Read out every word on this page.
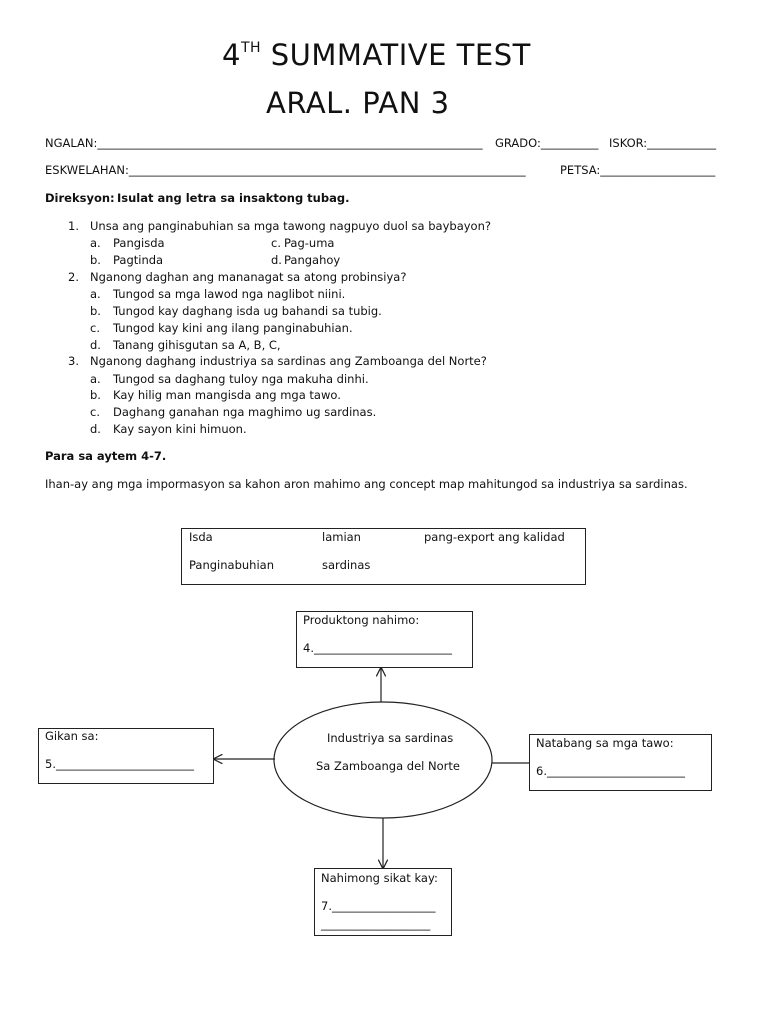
4TH SUMMATIVE TEST
ARAL. PAN 3
NGALAN:___________________________________________________________________ GRADO:__________ ISKOR:____________
ESKWELAHAN:_____________________________________________________________________	PETSA:____________________
Direksyon: Isulat ang letra sa insaktong tubag.
1. Unsa ang panginabuhian sa mga tawong nagpuyo duol sa baybayon?
a. Pangisda	c. Pag-uma
b. Pagtinda	d. Pangahoy
2. Nganong daghan ang mananagat sa atong probinsiya?
a. Tungod sa mga lawod nga naglibot niini.
b. Tungod kay daghang isda ug bahandi sa tubig.
c. Tungod kay kini ang ilang panginabuhian.
d. Tanang gihisgutan sa A, B, C,
3. Nganong daghang industriya sa sardinas ang Zamboanga del Norte?
a. Tungod sa daghang tuloy nga makuha dinhi.
b. Kay hilig man mangisda ang mga tawo.
c. Daghang ganahan nga maghimo ug sardinas.
d. Kay sayon kini himuon.
Para sa aytem 4-7.
Ihan-ay ang mga impormasyon sa kahon aron mahimo ang concept map mahitungod sa industriya sa sardinas.
Isda	lamian	pang-export ang kalidad
Panginabuhian	sardinas
Industriya sa sardinas
Sa Zamboanga del Norte
Produktong nahimo:
4.________________________
Gikan sa:
5.________________________
Natabang sa mga tawo:
6.________________________
Nahimong sikat kay:
7.__________________
___________________
